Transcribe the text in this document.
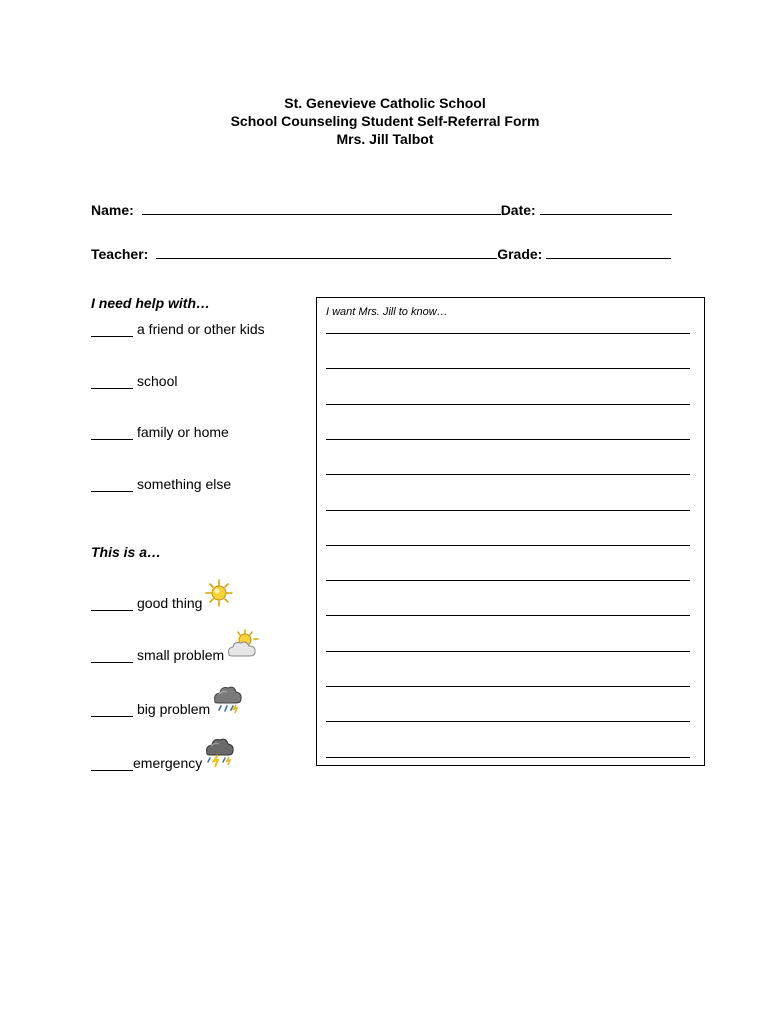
St. Genevieve Catholic School
School Counseling Student Self-Referral Form
Mrs. Jill Talbot
Name:	Date:
Teacher:	Grade:
I need help with…
a friend or other kids
school
family or home
something else
This is a…
good thing
small problem
big problem
emergency
I want Mrs. Jill to know…
